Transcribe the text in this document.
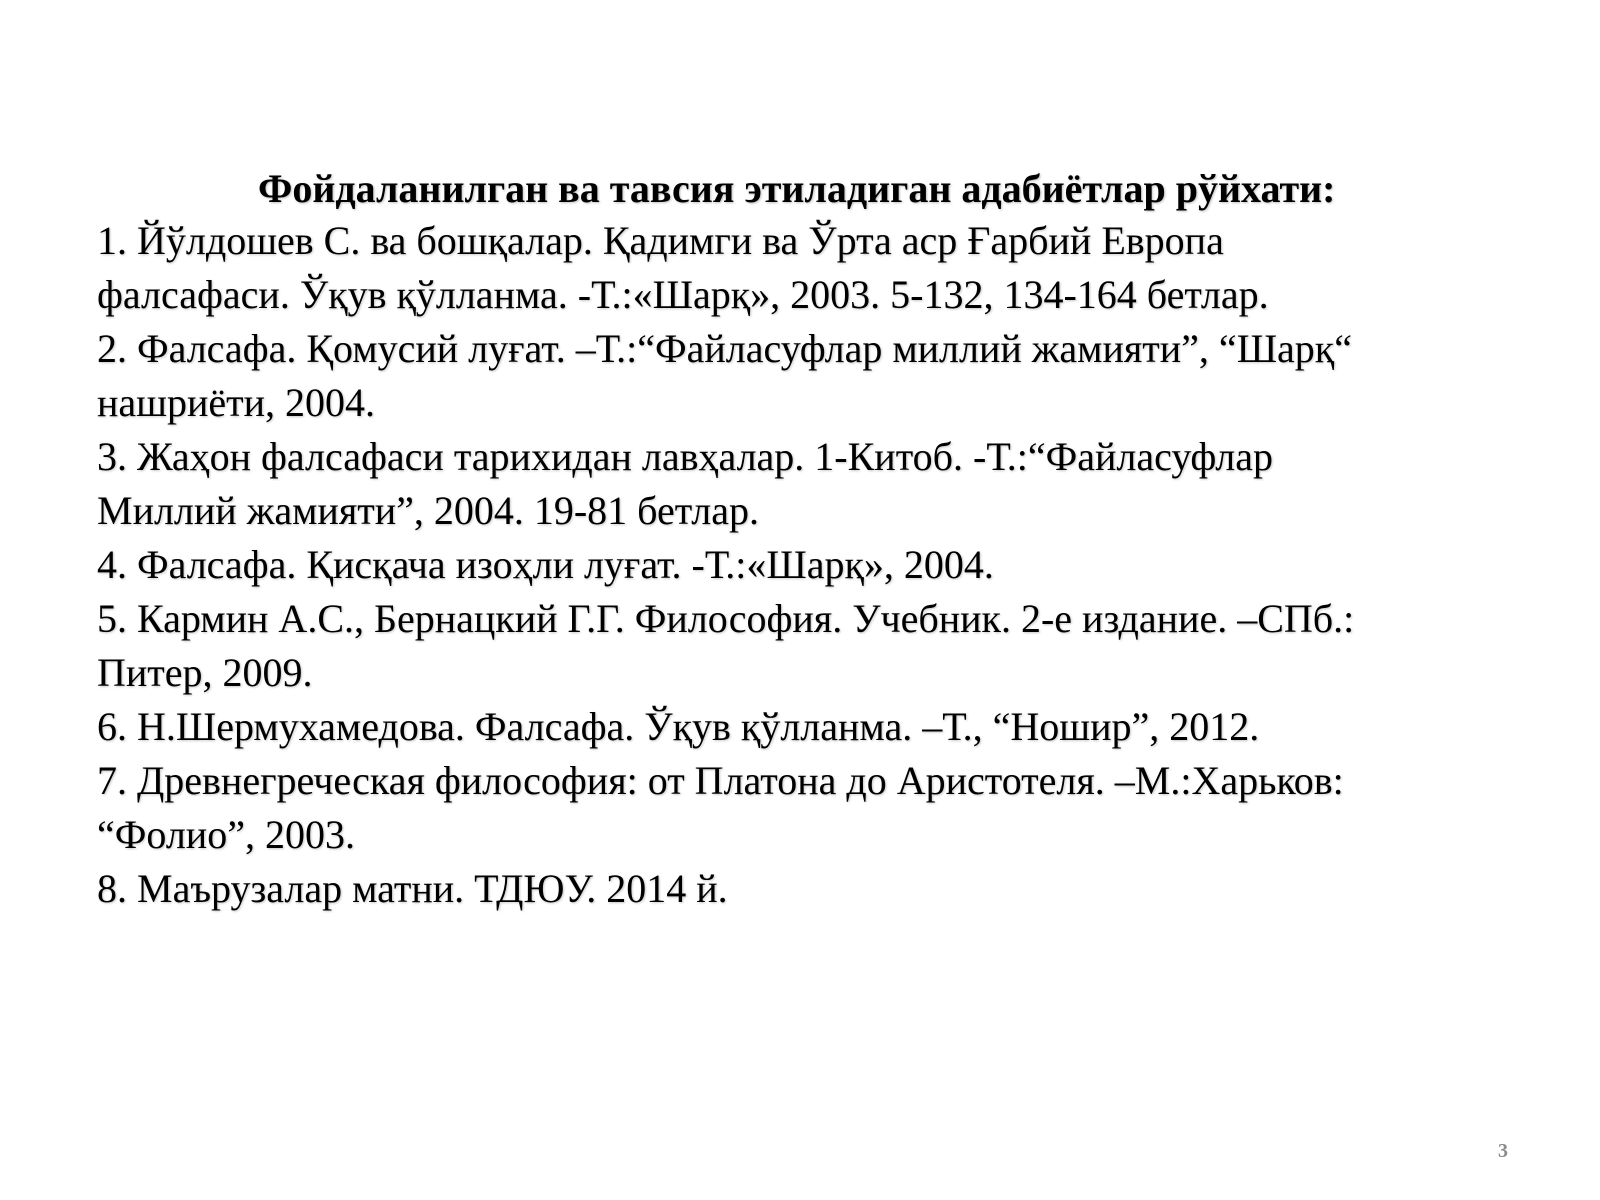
Фойдаланилган ва тавсия этиладиган адабиётлар рўйхати:
1. Йўлдошев С. ва бошқалар. Қадимги ва Ўрта аср Ғарбий Европа
фалсафаси. Ўқув қўлланма. -Т.:«Шарқ», 2003. 5-132, 134-164 бетлар.
2. Фалсафа. Қомусий луғат. –Т.:“Файласуфлар миллий жамияти”, “Шарқ“
нашриёти, 2004.
3. Жаҳон фалсафаси тарихидан лавҳалар. 1-Китоб. -Т.:“Файласуфлар
Миллий жамияти”, 2004. 19-81 бетлар.
4. Фалсафа. Қисқача изоҳли луғат. -Т.:«Шарқ», 2004.
5. Кармин А.С., Бернацкий Г.Г. Философия. Учебник. 2-е издание. –СПб.:
Питер, 2009.
6. Н.Шермухамедова. Фалсафа. Ўқув қўлланма. –Т., “Ношир”, 2012.
7. Древнегреческая философия: от Платона до Аристотеля. –М.:Харьков:
“Фолио”, 2003.
8. Маърузалар матни. ТДЮУ. 2014 й.
3
